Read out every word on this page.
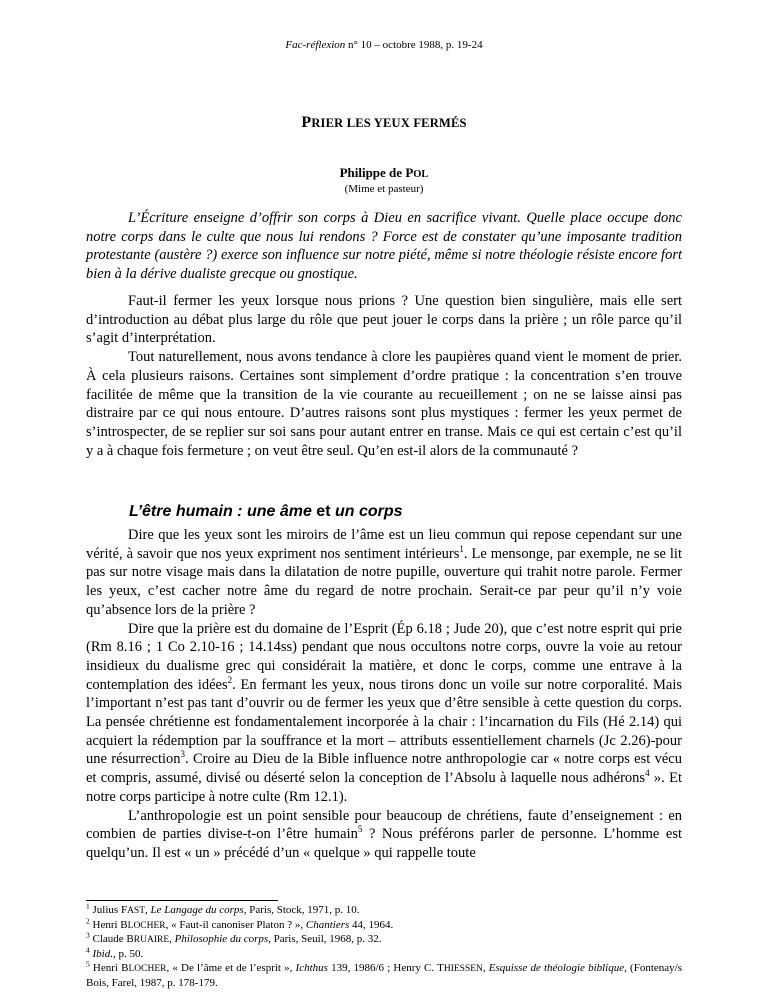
Fac-réflexion n° 10 – octobre 1988, p. 19-24
PRIER LES YEUX FERMÉS
Philippe de POL
(Mime et pasteur)

L’Écriture enseigne d’offrir son corps à Dieu en sacrifice vivant. Quelle place occupe donc notre corps dans le culte que nous lui rendons ? Force est de constater qu’une imposante tradition protestante (austère ?) exerce son influence sur notre piété, même si notre théologie résiste encore fort bien à la dérive dualiste grecque ou gnostique.

Faut-il fermer les yeux lorsque nous prions ? Une question bien singulière, mais elle sert d’introduction au débat plus large du rôle que peut jouer le corps dans la prière ; un rôle parce qu’il s’agit d’interprétation.

Tout naturellement, nous avons tendance à clore les paupières quand vient le moment de prier. À cela plusieurs raisons. Certaines sont simplement d’ordre pratique : la concentration s’en trouve facilitée de même que la transition de la vie courante au recueillement ; on ne se laisse ainsi pas distraire par ce qui nous entoure. D’autres raisons sont plus mystiques : fermer les yeux permet de s’introspecter, de se replier sur soi sans pour autant entrer en transe. Mais ce qui est certain c’est qu’il y a à chaque fois fermeture ; on veut être seul. Qu’en est-il alors de la communauté ?

L’être humain : une âme et un corps

Dire que les yeux sont les miroirs de l’âme est un lieu commun qui repose cependant sur une vérité, à savoir que nos yeux expriment nos sentiment intérieurs$^1$. Le mensonge, par exemple, ne se lit pas sur notre visage mais dans la dilatation de notre pupille, ouverture qui trahit notre parole. Fermer les yeux, c’est cacher notre âme du regard de notre prochain. Serait-ce par peur qu’il n’y voie qu’absence lors de la prière ?

Dire que la prière est du domaine de l’Esprit (Ép 6.18 ; Jude 20), que c’est notre esprit qui prie (Rm 8.16 ; 1 Co 2.10-16 ; 14.14ss) pendant que nous occultons notre corps, ouvre la voie au retour insidieux du dualisme grec qui considérait la matière, et donc le corps, comme une entrave à la contemplation des idées$^2$. En fermant les yeux, nous tirons donc un voile sur notre corporalité. Mais l’important n’est pas tant d’ouvrir ou de fermer les yeux que d’être sensible à cette question du corps. La pensée chrétienne est fondamentalement incorporée à la chair : l’incarnation du Fils (Hé 2.14) qui acquiert la rédemption par la souffrance et la mort – attributs essentiellement charnels (Jc 2.26)-pour une résurrection$^3$. Croire au Dieu de la Bible influence notre anthropologie car « notre corps est vécu et compris, assumé, divisé ou déserté selon la conception de l’Absolu à laquelle nous adhérons$^4$ ». Et notre corps participe à notre culte (Rm 12.1).

L’anthropologie est un point sensible pour beaucoup de chrétiens, faute d’enseignement : en combien de parties divise-t-on l’être humain$^5$ ? Nous préférons parler de personne. L’homme est quelqu’un. Il est « un » précédé d’un « quelque » qui rappelle toute

$^1$ Julius FAST, Le Langage du corps, Paris, Stock, 1971, p. 10.
$^2$ Henri BLOCHER, « Faut-il canoniser Platon ? », Chantiers 44, 1964.
$^3$ Claude BRUAIRE, Philosophie du corps, Paris, Seuil, 1968, p. 32.
$^4$ Ibid., p. 50.
$^5$ Henri BLOCHER, « De l’âme et de l’esprit », Ichthus 139, 1986/6 ; Henry C. THIESSEN, Esquisse de théologie biblique, (Fontenay/s Bois, Farel, 1987, p. 178-179.
